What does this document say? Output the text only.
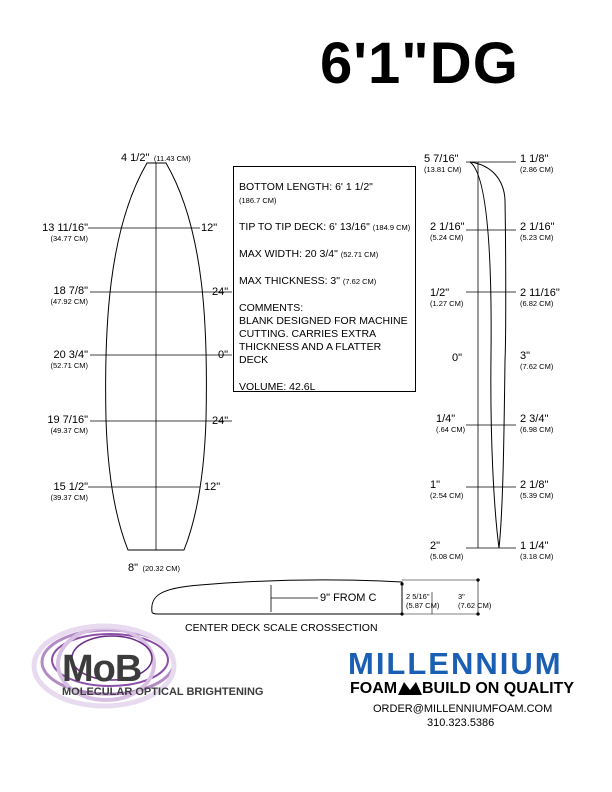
6'1"DG
4 1/2" (11.43 CM)
8" (20.32 CM)
13 11/16"
(34.77 CM)
18 7/8"
(47.92 CM)
20 3/4"
(52.71 CM)
19 7/16"
(49.37 CM)
15 1/2"
(39.37 CM)
12"
24"
0"
24"
12"
BOTTOM LENGTH: 6' 1 1/2"
(186.7 CM)
TIP TO TIP DECK: 6' 13/16" (184.9 CM)
MAX WIDTH: 20 3/4" (52.71 CM)
MAX THICKNESS: 3" (7.62 CM)
COMMENTS:
BLANK DESIGNED FOR MACHINE CUTTING. CARRIES EXTRA THICKNESS AND A FLATTER DECK
VOLUME: 42.6L
5 7/16"
(13.81 CM)
2 1/16"
(5.24 CM)
1/2"
(1.27 CM)
0"
1/4"
(.64 CM)
1"
(2.54 CM)
2"
(5.08 CM)
1 1/8"
(2.86 CM)
2 1/16"
(5.23 CM)
2 11/16"
(6.82 CM)
3"
(7.62 CM)
2 3/4"
(6.98 CM)
2 1/8"
(5.39 CM)
1 1/4"
(3.18 CM)
9" FROM C	2 5/16"
(5.87 CM)
3"
(7.62 CM)
CENTER DECK SCALE CROSSECTION
MoB
MOLECULAR OPTICAL BRIGHTENING
MILLENNIUM
FOAM BUILD ON QUALITY
ORDER@MILLENNIUMFOAM.COM
310.323.5386
